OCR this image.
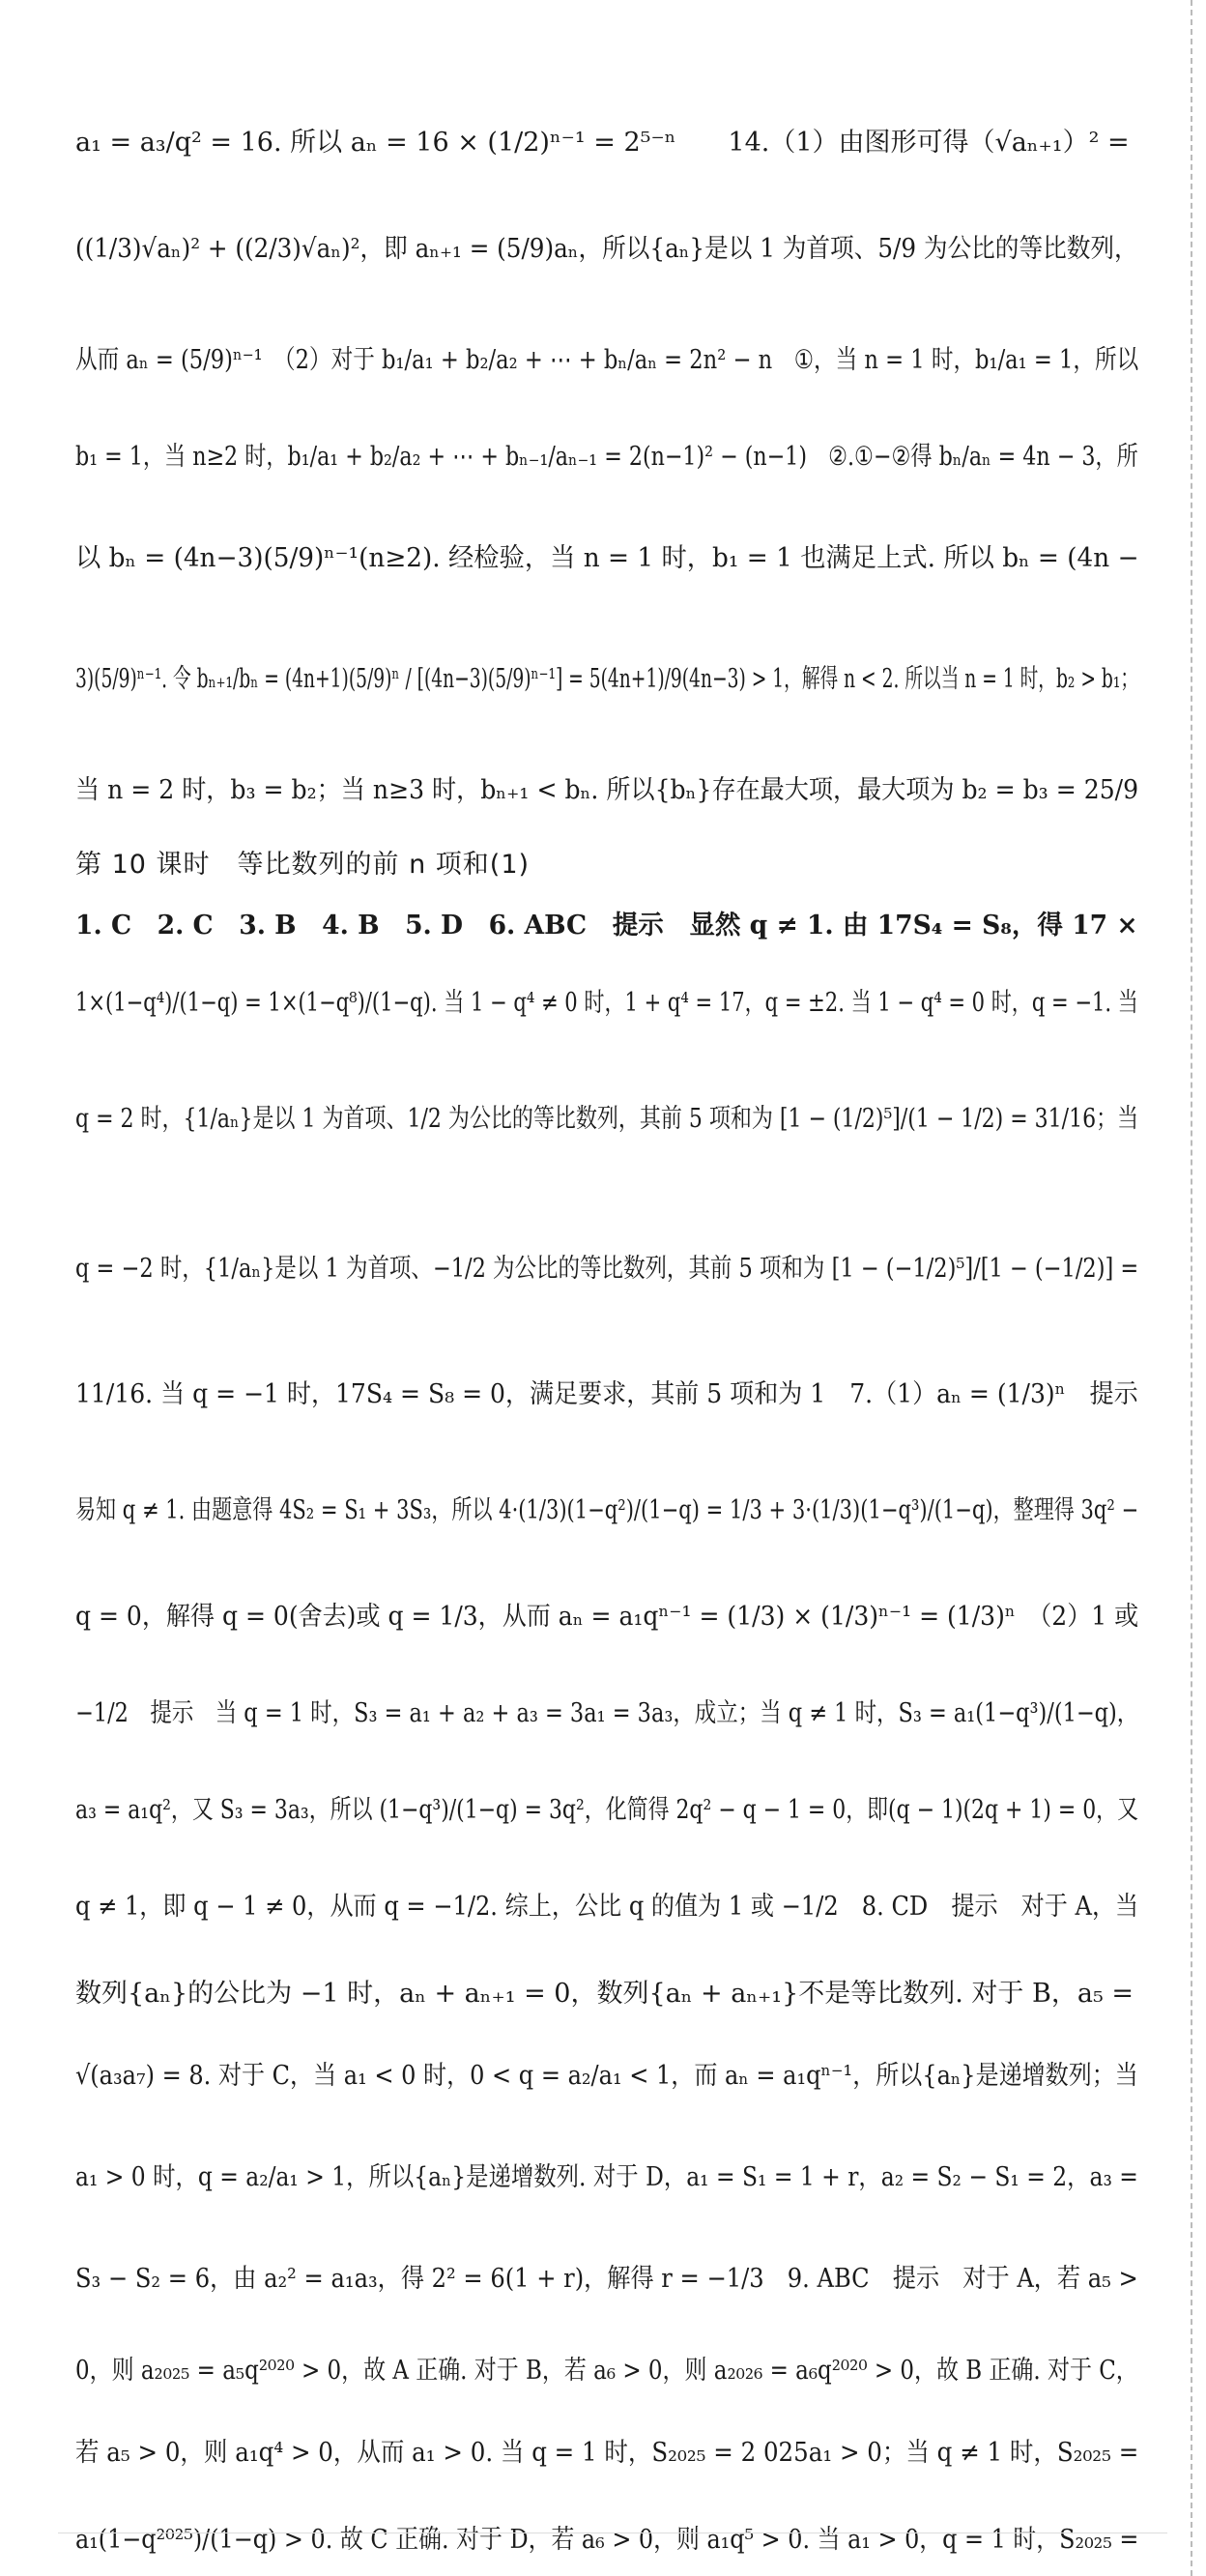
a₁ = a₃/q² = 16. 所以 aₙ = 16 × (1/2)ⁿ⁻¹ = 2⁵⁻ⁿ　　14.（1）由图形可得（√aₙ₊₁）² =
((1/3)√aₙ)² + ((2/3)√aₙ)²，即 aₙ₊₁ = (5/9)aₙ，所以{aₙ}是以 1 为首项、5/9 为公比的等比数列，
从而 aₙ = (5/9)ⁿ⁻¹　（2）对于 b₁/a₁ + b₂/a₂ + ⋯ + bₙ/aₙ = 2n² − n　①，当 n = 1 时，b₁/a₁ = 1，所以
b₁ = 1，当 n≥2 时，b₁/a₁ + b₂/a₂ + ⋯ + bₙ₋₁/aₙ₋₁ = 2(n−1)² − (n−1)　②.①−②得 bₙ/aₙ = 4n − 3，所
以 bₙ = (4n−3)(5/9)ⁿ⁻¹(n≥2). 经检验，当 n = 1 时，b₁ = 1 也满足上式. 所以 bₙ = (4n −
3)(5/9)ⁿ⁻¹. 令 bₙ₊₁/bₙ = (4n+1)(5/9)ⁿ / [(4n−3)(5/9)ⁿ⁻¹] = 5(4n+1)/9(4n−3) > 1，解得 n < 2. 所以当 n = 1 时，b₂ > b₁；
当 n = 2 时，b₃ = b₂；当 n≥3 时，bₙ₊₁ < bₙ. 所以{bₙ}存在最大项，最大项为 b₂ = b₃ = 25/9
第 10 课时　等比数列的前 n 项和(1)
1. C　2. C　3. B　4. B　5. D　6. ABC　提示　显然 q ≠ 1. 由 17S₄ = S₈，得 17 ×
1×(1−q⁴)/(1−q) = 1×(1−q⁸)/(1−q). 当 1 − q⁴ ≠ 0 时，1 + q⁴ = 17，q = ±2. 当 1 − q⁴ = 0 时，q = −1. 当
q = 2 时，{1/aₙ}是以 1 为首项、1/2 为公比的等比数列，其前 5 项和为 [1 − (1/2)⁵]/(1 − 1/2) = 31/16；当
q = −2 时，{1/aₙ}是以 1 为首项、−1/2 为公比的等比数列，其前 5 项和为 [1 − (−1/2)⁵]/[1 − (−1/2)] =
11/16. 当 q = −1 时，17S₄ = S₈ = 0，满足要求，其前 5 项和为 1　7.（1）aₙ = (1/3)ⁿ　提示
易知 q ≠ 1. 由题意得 4S₂ = S₁ + 3S₃，所以 4·(1/3)(1−q²)/(1−q) = 1/3 + 3·(1/3)(1−q³)/(1−q)，整理得 3q² −
q = 0，解得 q = 0(舍去)或 q = 1/3，从而 aₙ = a₁qⁿ⁻¹ = (1/3) × (1/3)ⁿ⁻¹ = (1/3)ⁿ　（2）1 或
−1/2　提示　当 q = 1 时，S₃ = a₁ + a₂ + a₃ = 3a₁ = 3a₃，成立；当 q ≠ 1 时，S₃ = a₁(1−q³)/(1−q)，
a₃ = a₁q²，又 S₃ = 3a₃，所以 (1−q³)/(1−q) = 3q²，化简得 2q² − q − 1 = 0，即(q − 1)(2q + 1) = 0，又
q ≠ 1，即 q − 1 ≠ 0，从而 q = −1/2. 综上，公比 q 的值为 1 或 −1/2　8. CD　提示　对于 A，当
数列{aₙ}的公比为 −1 时，aₙ + aₙ₊₁ = 0，数列{aₙ + aₙ₊₁}不是等比数列. 对于 B，a₅ =
√(a₃a₇) = 8. 对于 C，当 a₁ < 0 时，0 < q = a₂/a₁ < 1，而 aₙ = a₁qⁿ⁻¹，所以{aₙ}是递增数列；当
a₁ > 0 时，q = a₂/a₁ > 1，所以{aₙ}是递增数列. 对于 D，a₁ = S₁ = 1 + r，a₂ = S₂ − S₁ = 2，a₃ =
S₃ − S₂ = 6，由 a₂² = a₁a₃，得 2² = 6(1 + r)，解得 r = −1/3　9. ABC　提示　对于 A，若 a₅ >
0，则 a₂₀₂₅ = a₅q²⁰²⁰ > 0，故 A 正确. 对于 B，若 a₆ > 0，则 a₂₀₂₆ = a₆q²⁰²⁰ > 0，故 B 正确. 对于 C，
若 a₅ > 0，则 a₁q⁴ > 0，从而 a₁ > 0. 当 q = 1 时，S₂₀₂₅ = 2 025a₁ > 0；当 q ≠ 1 时，S₂₀₂₅ =
a₁(1−q²⁰²⁵)/(1−q) > 0. 故 C 正确. 对于 D，若 a₆ > 0，则 a₁q⁵ > 0. 当 a₁ > 0，q = 1 时，S₂₀₂₅ =
